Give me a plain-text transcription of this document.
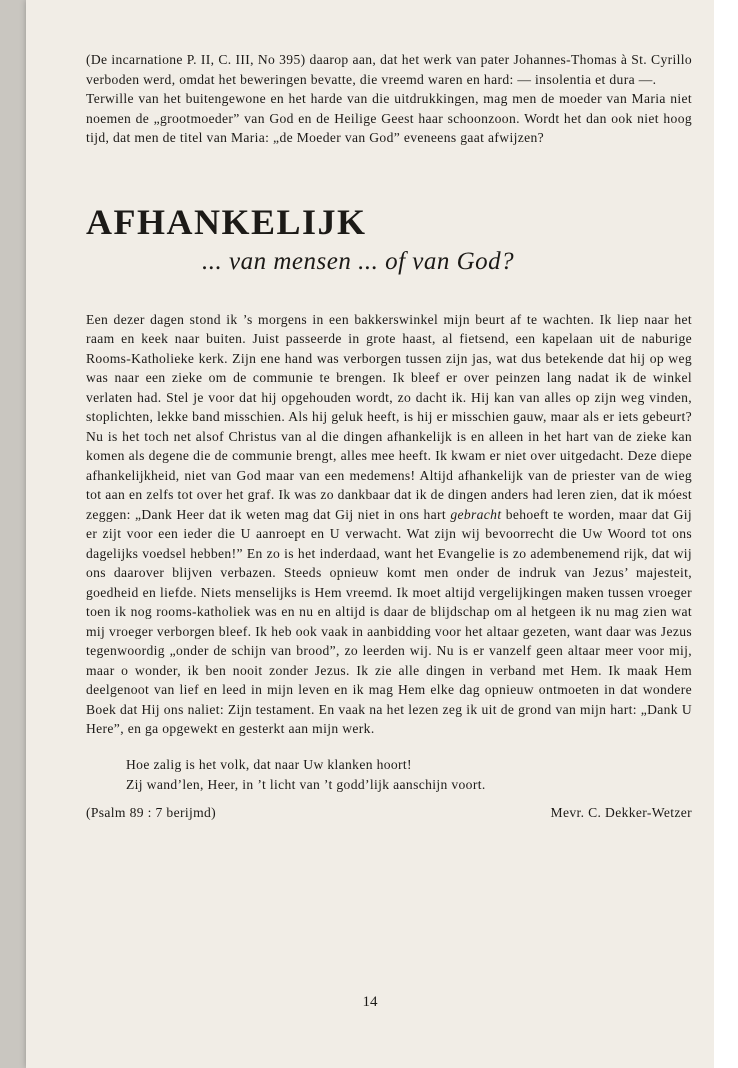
(De incarnatione P. II, C. III, No 395) daarop aan, dat het werk van pater Johannes-Thomas à St. Cyrillo verboden werd, omdat het beweringen bevatte, die vreemd waren en hard: — insolentia et dura —.

Terwille van het buitengewone en het harde van die uitdrukkingen, mag men de moeder van Maria niet noemen de „grootmoeder” van God en de Heilige Geest haar schoonzoon. Wordt het dan ook niet hoog tijd, dat men de titel van Maria: „de Moeder van God” eveneens gaat afwijzen?

AFHANKELIJK
... van mensen ... of van God?

Een dezer dagen stond ik ’s morgens in een bakkerswinkel mijn beurt af te wachten. Ik liep naar het raam en keek naar buiten. Juist passeerde in grote haast, al fietsend, een kapelaan uit de naburige Rooms-Katholieke kerk. Zijn ene hand was verborgen tussen zijn jas, wat dus betekende dat hij op weg was naar een zieke om de communie te brengen. Ik bleef er over peinzen lang nadat ik de winkel verlaten had. Stel je voor dat hij opgehouden wordt, zo dacht ik. Hij kan van alles op zijn weg vinden, stoplichten, lekke band misschien. Als hij geluk heeft, is hij er misschien gauw, maar als er iets gebeurt? Nu is het toch net alsof Christus van al die dingen afhankelijk is en alleen in het hart van de zieke kan komen als degene die de communie brengt, alles mee heeft. Ik kwam er niet over uitgedacht. Deze diepe afhankelijkheid, niet van God maar van een medemens! Altijd afhankelijk van de priester van de wieg tot aan en zelfs tot over het graf. Ik was zo dankbaar dat ik de dingen anders had leren zien, dat ik móest zeggen: „Dank Heer dat ik weten mag dat Gij niet in ons hart gebracht behoeft te worden, maar dat Gij er zijt voor een ieder die U aanroept en U verwacht. Wat zijn wij bevoorrecht die Uw Woord tot ons dagelijks voedsel hebben!” En zo is het inderdaad, want het Evangelie is zo adembenemend rijk, dat wij ons daarover blijven verbazen. Steeds opnieuw komt men onder de indruk van Jezus’ majesteit, goedheid en liefde. Niets menselijks is Hem vreemd. Ik moet altijd vergelijkingen maken tussen vroeger toen ik nog rooms-katholiek was en nu en altijd is daar de blijdschap om al hetgeen ik nu mag zien wat mij vroeger verborgen bleef. Ik heb ook vaak in aanbidding voor het altaar gezeten, want daar was Jezus tegenwoordig „onder de schijn van brood”, zo leerden wij. Nu is er vanzelf geen altaar meer voor mij, maar o wonder, ik ben nooit zonder Jezus. Ik zie alle dingen in verband met Hem. Ik maak Hem deelgenoot van lief en leed in mijn leven en ik mag Hem elke dag opnieuw ontmoeten in dat wondere Boek dat Hij ons naliet: Zijn testament. En vaak na het lezen zeg ik uit de grond van mijn hart: „Dank U Here”, en ga opgewekt en gesterkt aan mijn werk.

Hoe zalig is het volk, dat naar Uw klanken hoort!
Zij wand’len, Heer, in ’t licht van ’t godd’lijk aanschijn voort.
(Psalm 89 : 7 berijmd)	Mevr. C. Dekker-Wetzer
14
